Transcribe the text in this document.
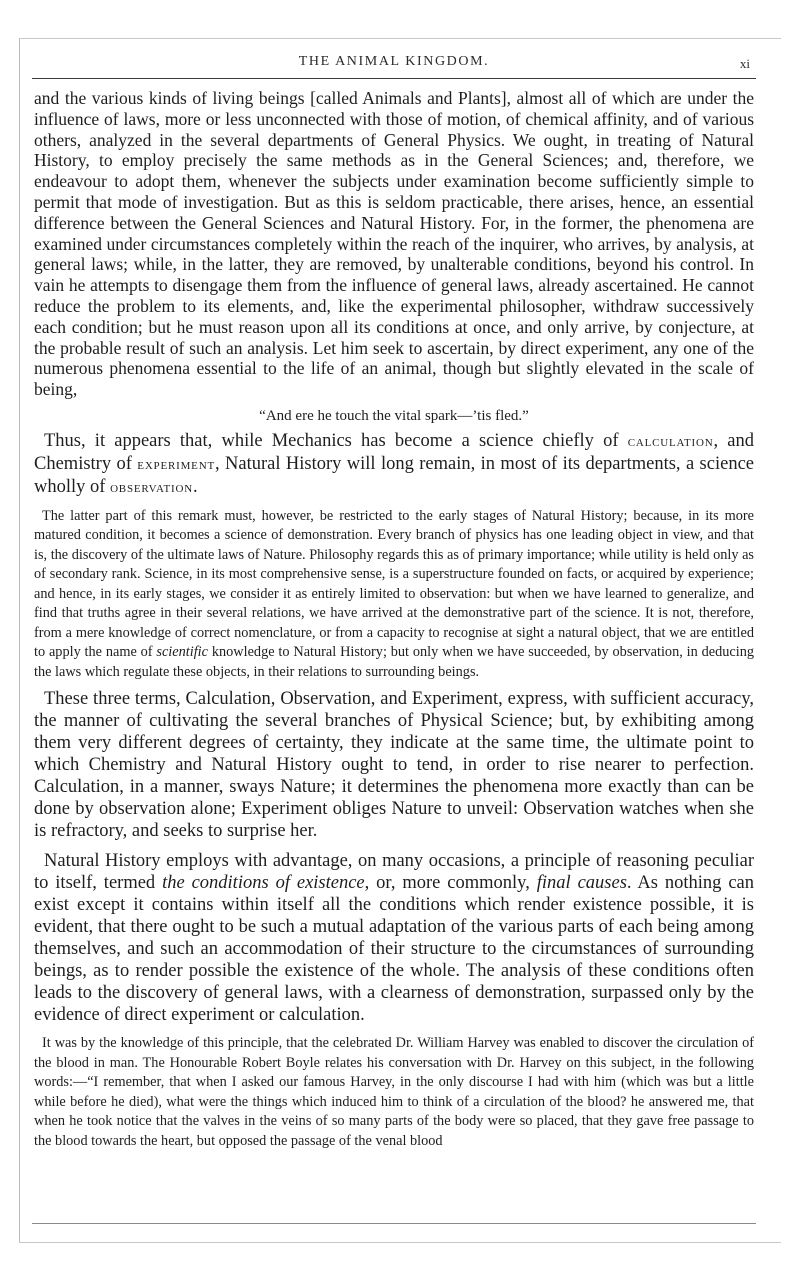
THE ANIMAL KINGDOM.	xi

and the various kinds of living beings [called Animals and Plants], almost all of which are under the influence of laws, more or less unconnected with those of motion, of chemical affinity, and of various others, analyzed in the several departments of General Physics. We ought, in treating of Natural History, to employ precisely the same methods as in the General Sciences; and, therefore, we endeavour to adopt them, whenever the subjects under examination become sufficiently simple to permit that mode of investigation. But as this is seldom practicable, there arises, hence, an essential difference between the General Sciences and Natural History. For, in the former, the phenomena are examined under circumstances completely within the reach of the inquirer, who arrives, by analysis, at general laws; while, in the latter, they are removed, by unalterable conditions, beyond his control. In vain he attempts to disengage them from the influence of general laws, already ascertained. He cannot reduce the problem to its elements, and, like the experimental philosopher, withdraw successively each condition; but he must reason upon all its conditions at once, and only arrive, by conjecture, at the probable result of such an analysis. Let him seek to ascertain, by direct experiment, any one of the numerous phenomena essential to the life of an animal, though but slightly elevated in the scale of being,

“And ere he touch the vital spark—’tis fled.”

Thus, it appears that, while Mechanics has become a science chiefly of calculation, and Chemistry of experiment, Natural History will long remain, in most of its departments, a science wholly of observation.

The latter part of this remark must, however, be restricted to the early stages of Natural History; because, in its more matured condition, it becomes a science of demonstration. Every branch of physics has one leading object in view, and that is, the discovery of the ultimate laws of Nature. Philosophy regards this as of primary importance; while utility is held only as of secondary rank. Science, in its most comprehensive sense, is a superstructure founded on facts, or acquired by experience; and hence, in its early stages, we consider it as entirely limited to observation: but when we have learned to generalize, and find that truths agree in their several relations, we have arrived at the demonstrative part of the science. It is not, therefore, from a mere knowledge of correct nomenclature, or from a capacity to recognise at sight a natural object, that we are entitled to apply the name of scientific knowledge to Natural History; but only when we have succeeded, by observation, in deducing the laws which regulate these objects, in their relations to surrounding beings.

These three terms, Calculation, Observation, and Experiment, express, with sufficient accuracy, the manner of cultivating the several branches of Physical Science; but, by exhibiting among them very different degrees of certainty, they indicate at the same time, the ultimate point to which Chemistry and Natural History ought to tend, in order to rise nearer to perfection. Calculation, in a manner, sways Nature; it determines the phenomena more exactly than can be done by observation alone; Experiment obliges Nature to unveil: Observation watches when she is refractory, and seeks to surprise her.

Natural History employs with advantage, on many occasions, a principle of reasoning peculiar to itself, termed the conditions of existence, or, more commonly, final causes. As nothing can exist except it contains within itself all the conditions which render existence possible, it is evident, that there ought to be such a mutual adaptation of the various parts of each being among themselves, and such an accommodation of their structure to the circumstances of surrounding beings, as to render possible the existence of the whole. The analysis of these conditions often leads to the discovery of general laws, with a clearness of demonstration, surpassed only by the evidence of direct experiment or calculation.

It was by the knowledge of this principle, that the celebrated Dr. William Harvey was enabled to discover the circulation of the blood in man. The Honourable Robert Boyle relates his conversation with Dr. Harvey on this subject, in the following words:—“I remember, that when I asked our famous Harvey, in the only discourse I had with him (which was but a little while before he died), what were the things which induced him to think of a circulation of the blood? he answered me, that when he took notice that the valves in the veins of so many parts of the body were so placed, that they gave free passage to the blood towards the heart, but opposed the passage of the venal blood
